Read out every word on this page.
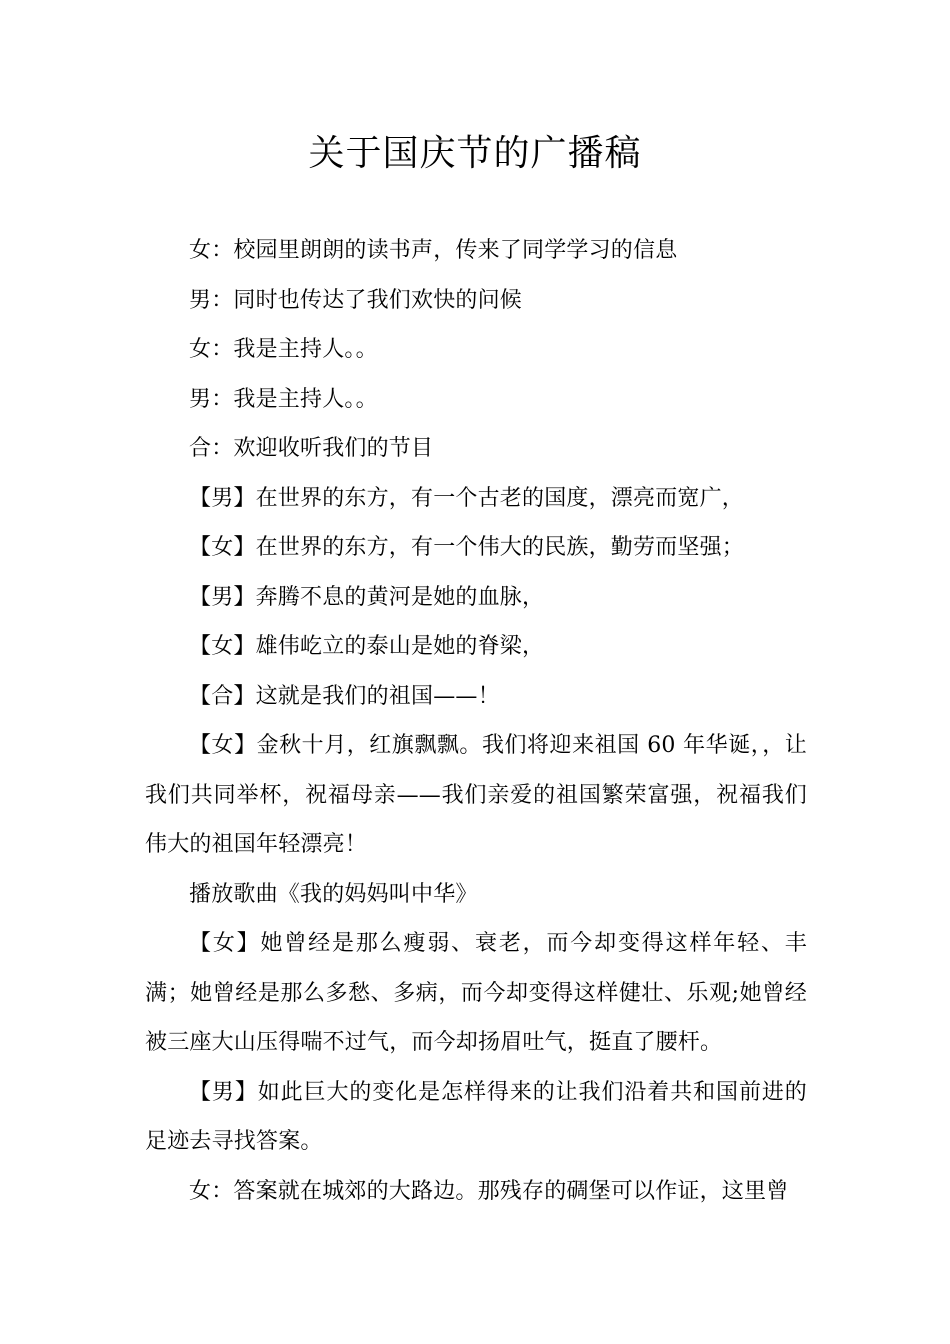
关于国庆节的广播稿

女：校园里朗朗的读书声，传来了同学学习的信息

男：同时也传达了我们欢快的问候

女：我是主持人。。

男：我是主持人。。

合：欢迎收听我们的节目

【男】在世界的东方，有一个古老的国度，漂亮而宽广，

【女】在世界的东方，有一个伟大的民族，勤劳而坚强；

【男】奔腾不息的黄河是她的血脉，

【女】雄伟屹立的泰山是她的脊梁，

【合】这就是我们的祖国——！

【女】金秋十月，红旗飘飘。我们将迎来祖国 60 年华诞，，让我们共同举杯，祝福母亲——我们亲爱的祖国繁荣富强，祝福我们伟大的祖国年轻漂亮！

播放歌曲《我的妈妈叫中华》

【女】她曾经是那么瘦弱、衰老，而今却变得这样年轻、丰满；她曾经是那么多愁、多病，而今却变得这样健壮、乐观;她曾经被三座大山压得喘不过气，而今却扬眉吐气，挺直了腰杆。

【男】如此巨大的变化是怎样得来的让我们沿着共和国前进的足迹去寻找答案。

女：答案就在城郊的大路边。那残存的碉堡可以作证，这里曾
